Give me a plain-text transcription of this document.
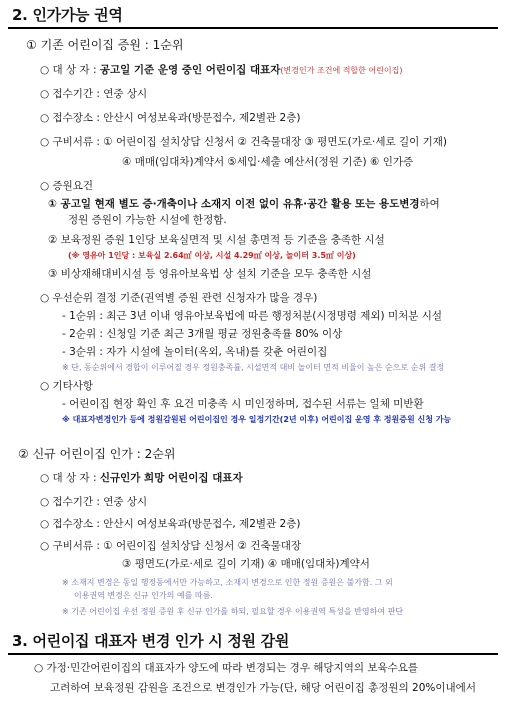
2. 인가가능 권역
① 기존 어린이집 증원 : 1순위
○ 대 상 자 : 공고일 기준 운영 중인 어린이집 대표자(변경인가 조건에 적합한 어린이집)
○ 접수기간 : 연중 상시
○ 접수장소 : 안산시 여성보육과(방문접수, 제2별관 2층)
○ 구비서류 : ① 어린이집 설치상담 신청서 ② 건축물대장 ③ 평면도(가로·세로 길이 기재)
④ 매매(임대차)계약서 ⑤세입·세출 예산서(정원 기준) ⑥ 인가증
○ 증원요건
① 공고일 현재 별도 증·개축이나 소재지 이전 없이 유휴·공간 활용 또는 용도변경하여
정원 증원이 가능한 시설에 한정함.
② 보육정원 증원 1인당 보육실면적 및 시설 총면적 등 기준을 충족한 시설
(※ 영유아 1인당 : 보육실 2.64㎡ 이상, 시설 4.29㎡ 이상, 놀이터 3.5㎡ 이상)
③ 비상재해대비시설 등 영유아보육법 상 설치 기준을 모두 충족한 시설
○ 우선순위 결정 기준(권역별 증원 관련 신청자가 많을 경우)
- 1순위 : 최근 3년 이내 영유아보육법에 따른 행정처분(시정명령 제외) 미처분 시설
- 2순위 : 신청일 기준 최근 3개월 평균 정원충족률 80% 이상
- 3순위 : 자가 시설에 놀이터(옥외, 옥내)를 갖춘 어린이집
※ 단, 동순위에서 경합이 이루어질 경우 정원충족률, 시설면적 대비 놀이터 면적 비율이 높은 순으로 순위 결정
○ 기타사항
- 어린이집 현장 확인 후 요건 미충족 시 미인정하며, 접수된 서류는 일체 미반환
※ 대표자변경인가 등에 정원감원된 어린이집인 경우 일정기간(2년 이후) 어린이집 운영 후 정원증원 신청 가능
② 신규 어린이집 인가 : 2순위
○ 대 상 자 : 신규인가 희망 어린이집 대표자
○ 접수기간 : 연중 상시
○ 접수장소 : 안산시 여성보육과(방문접수, 제2별관 2층)
○ 구비서류 : ① 어린이집 설치상담 신청서 ② 건축물대장
③ 평면도(가로·세로 길이 기재) ④ 매매(임대차)계약서
※ 소재지 변경은 동일 행정동에서만 가능하고, 소재지 변경으로 인한 정원 증원은 불가함. 그 외
이용권역 변경은 신규 인가의 예를 따름.
※ 기존 어린이집 우선 정원 증원 후 신규 인가를 하되, 필요할 경우 이용권역 특성을 반영하여 판단
3. 어린이집 대표자 변경 인가 시 정원 감원
○ 가정·민간어린이집의 대표자가 양도에 따라 변경되는 경우 해당지역의 보육수요를
고려하여 보육정원 감원을 조건으로 변경인가 가능(단, 해당 어린이집 총정원의 20%이내에서
